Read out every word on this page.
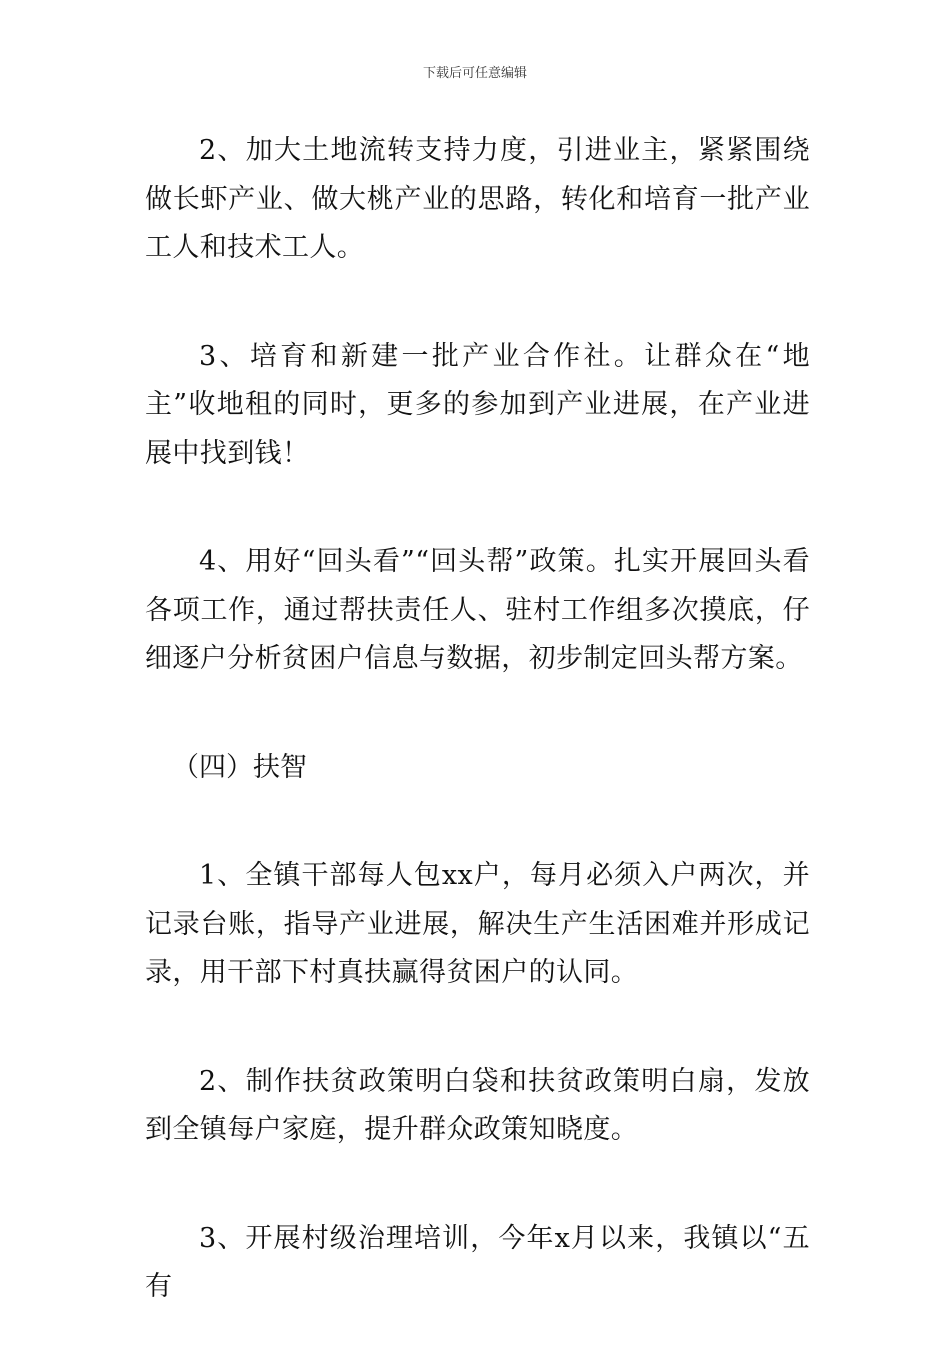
下载后可任意编辑

2、加大土地流转支持力度，引进业主，紧紧围绕做长虾产业、做大桃产业的思路，转化和培育一批产业工人和技术工人。

3、培育和新建一批产业合作社。让群众在“地主”收地租的同时，更多的参加到产业进展，在产业进展中找到钱！

4、用好“回头看”“回头帮”政策。扎实开展回头看各项工作，通过帮扶责任人、驻村工作组多次摸底，仔细逐户分析贫困户信息与数据，初步制定回头帮方案。

（四）扶智

1、全镇干部每人包xx户，每月必须入户两次，并记录台账，指导产业进展，解决生产生活困难并形成记录，用干部下村真扶赢得贫困户的认同。

2、制作扶贫政策明白袋和扶贫政策明白扇，发放到全镇每户家庭，提升群众政策知晓度。

3、开展村级治理培训，今年x月以来，我镇以“五有
